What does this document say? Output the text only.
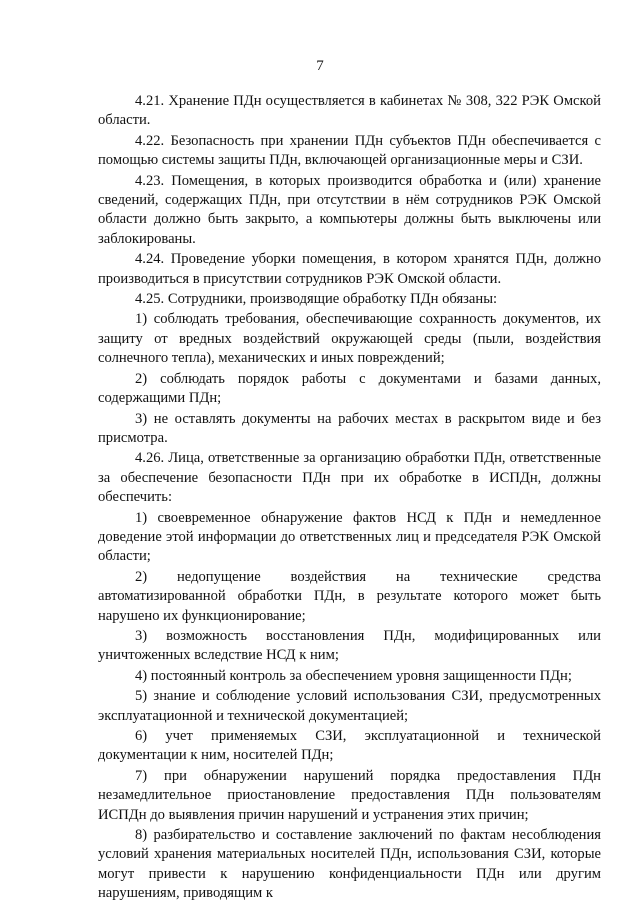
7

4.21. Хранение ПДн осуществляется в кабинетах № 308, 322 РЭК Омской области.

4.22. Безопасность при хранении ПДн субъектов ПДн обеспечивается с помощью системы защиты ПДн, включающей организационные меры и СЗИ.

4.23. Помещения, в которых производится обработка и (или) хранение сведений, содержащих ПДн, при отсутствии в нём сотрудников РЭК Омской области должно быть закрыто, а компьютеры должны быть выключены или заблокированы.

4.24. Проведение уборки помещения, в котором хранятся ПДн, должно производиться в присутствии сотрудников РЭК Омской области.

4.25. Сотрудники, производящие обработку ПДн обязаны:

1) соблюдать требования, обеспечивающие сохранность документов, их защиту от вредных воздействий окружающей среды (пыли, воздействия солнечного тепла), механических и иных повреждений;

2) соблюдать порядок работы с документами и базами данных, содержащими ПДн;

3) не оставлять документы на рабочих местах в раскрытом виде и без присмотра.

4.26. Лица, ответственные за организацию обработки ПДн, ответственные за обеспечение безопасности ПДн при их обработке в ИСПДн, должны обеспечить:

1) своевременное обнаружение фактов НСД к ПДн и немедленное доведение этой информации до ответственных лиц и председателя РЭК Омской области;

2) недопущение воздействия на технические средства автоматизированной обработки ПДн, в результате которого может быть нарушено их функционирование;

3) возможность восстановления ПДн, модифицированных или уничтоженных вследствие НСД к ним;

4) постоянный контроль за обеспечением уровня защищенности ПДн;

5) знание и соблюдение условий использования СЗИ, предусмотренных эксплуатационной и технической документацией;

6) учет применяемых СЗИ, эксплуатационной и технической документации к ним, носителей ПДн;

7) при обнаружении нарушений порядка предоставления ПДн незамедлительное приостановление предоставления ПДн пользователям ИСПДн до выявления причин нарушений и устранения этих причин;

8) разбирательство и составление заключений по фактам несоблюдения условий хранения материальных носителей ПДн, использования СЗИ, которые могут привести к нарушению конфиденциальности ПДн или другим нарушениям, приводящим к
